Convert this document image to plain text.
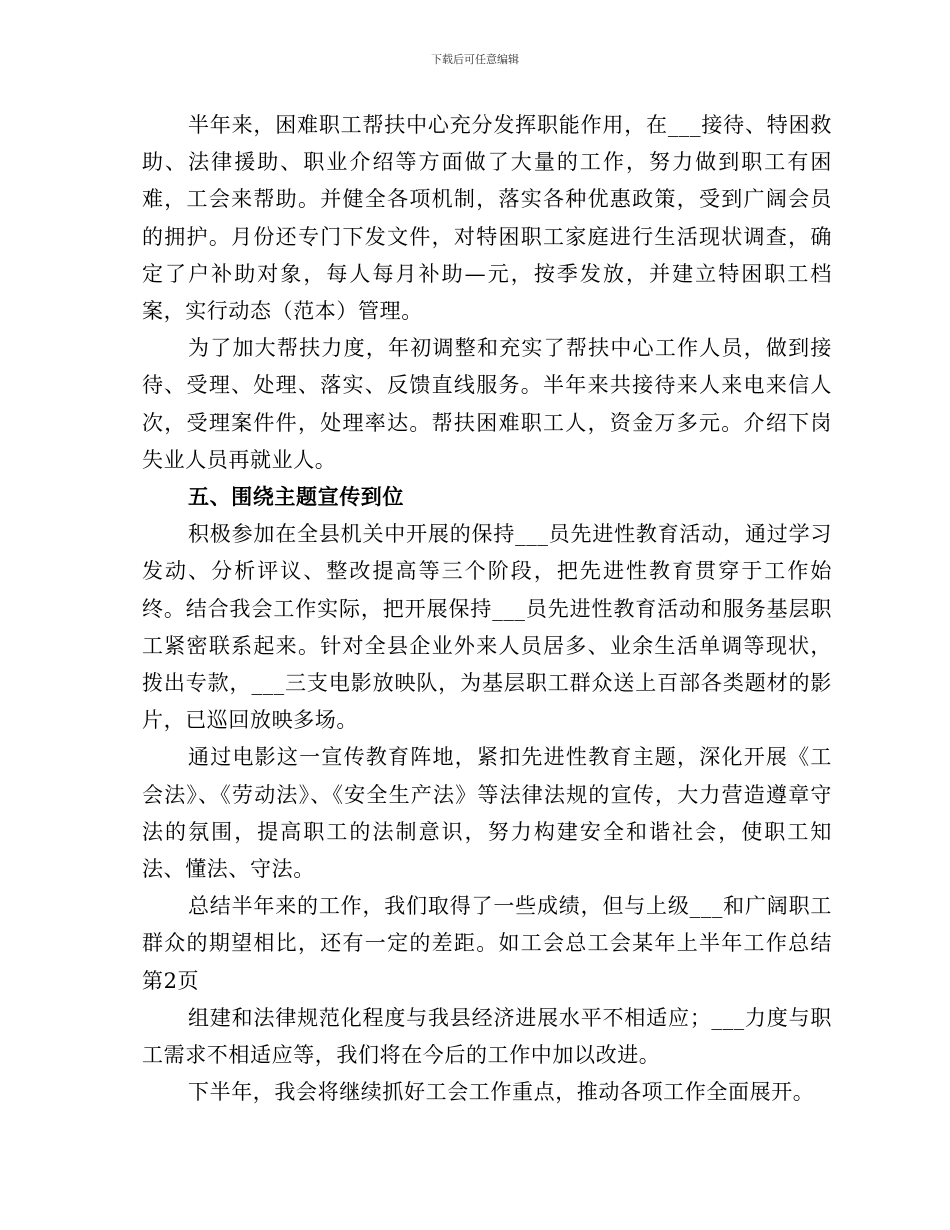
下载后可任意编辑

半年来，困难职工帮扶中心充分发挥职能作用，在___接待、特困救助、法律援助、职业介绍等方面做了大量的工作，努力做到职工有困难，工会来帮助。并健全各项机制，落实各种优惠政策，受到广阔会员的拥护。月份还专门下发文件，对特困职工家庭进行生活现状调查，确定了户补助对象，每人每月补助—元，按季发放，并建立特困职工档案，实行动态（范本）管理。

为了加大帮扶力度，年初调整和充实了帮扶中心工作人员，做到接待、受理、处理、落实、反馈直线服务。半年来共接待来人来电来信人次，受理案件件，处理率达。帮扶困难职工人，资金万多元。介绍下岗失业人员再就业人。

五、围绕主题宣传到位

积极参加在全县机关中开展的保持___员先进性教育活动，通过学习发动、分析评议、整改提高等三个阶段，把先进性教育贯穿于工作始终。结合我会工作实际，把开展保持___员先进性教育活动和服务基层职工紧密联系起来。针对全县企业外来人员居多、业余生活单调等现状，拨出专款，___三支电影放映队，为基层职工群众送上百部各类题材的影片，已巡回放映多场。

通过电影这一宣传教育阵地，紧扣先进性教育主题，深化开展《工会法》、《劳动法》、《安全生产法》等法律法规的宣传，大力营造遵章守法的氛围，提高职工的法制意识，努力构建安全和谐社会，使职工知法、懂法、守法。

总结半年来的工作，我们取得了一些成绩，但与上级___和广阔职工群众的期望相比，还有一定的差距。如工会总工会某年上半年工作总结第2页

组建和法律规范化程度与我县经济进展水平不相适应；___力度与职工需求不相适应等，我们将在今后的工作中加以改进。

下半年，我会将继续抓好工会工作重点，推动各项工作全面展开。
